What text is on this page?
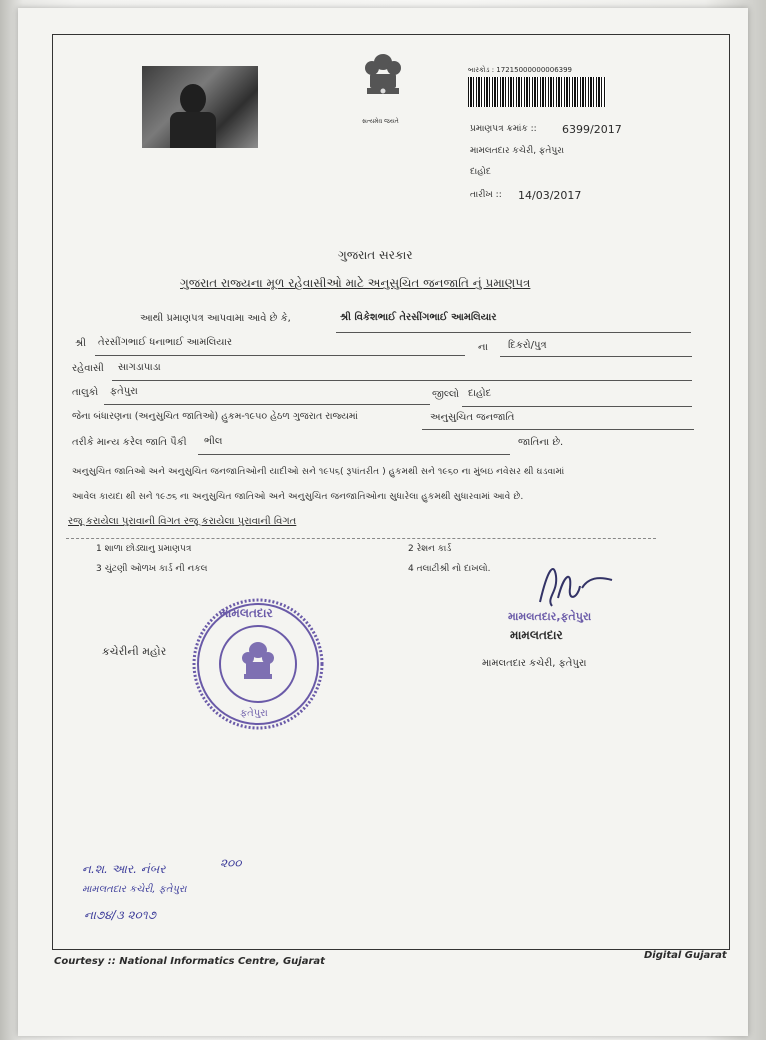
સત્યમેવ જયતે
બારકોડ : 17215000000006399
પ્રમાણપત્ર ક્રમાંક :: 6399/2017
મામલતદાર કચેરી, ફતેપુરા
દાહોદ
તારીખ :: 14/03/2017
ગુજરાત સરકાર
ગુજરાત રાજ્યના મૂળ રહેવાસીઓ માટે અનુસુચિત જનજાતિ નું પ્રમાણપત્ર
આથી પ્રમાણપત્ર આપવામા આવે છે કે,	શ્રી વિકેશભાઈ તેરસીંગભાઈ આમલિયાર
શ્રી તેરસીંગભાઈ ધનાભાઈ આમલિયાર	ના દિકરો/પુત્ર
રહેવાસી સાગડાપાડા
તાલુકો ફતેપુરા	જીલ્લો દાહોદ
જેના બંધારણના (અનુસુચિત જાતિઓ) હુકમ-૧૯૫૦ હેઠળ ગુજરાત રાજ્યમાં	અનુસુચિત જનજાતિ
તરીકે માન્ય કરેલ જાતિ પૈકી ભીલ	જાતિના છે.
અનુસુચિત જાતિઓ અને અનુસુચિત જનજાતિઓની યાદીઓ સને ૧૯૫૬( રૂપાંતરીત ) હુકમથી સને ૧૯૬૦ ના મુંબઇ નવેસર થી ઘડવામાં
આવેલ કાયદા થી સને ૧૯૭૬ ના અનુસુચિત જાતિઓ અને અનુસુચિત જનજાતિઓના સુધારેલા હુકમથી સુધારવામાં આવે છે.
રજૂ કરાયેલા પુરાવાની વિગત રજૂ કરાયેલા પુરાવાની વિગત
1 શાળા છોડ્યાનુ પ્રમાણપત્ર	2 રેશન કાર્ડ
3 ચુંટણી ઓળખ કાર્ડ ની નકલ	4 તલાટીશ્રી નો દાખલો.
કચેરીની મહોર
મામલતદાર
ફતેપુરા
મામલતદાર,ફતેપુરા
મામલતદાર
મામલતદાર કચેરી, ફતેપુરા
ન.શ. આર. નંબર	૨૦૦
મામલતદાર કચેરી, ફતેપુરા
ના૭૪/૩ ૨૦૧૭
Courtesy :: National Informatics Centre, Gujarat
Digital Gujarat
